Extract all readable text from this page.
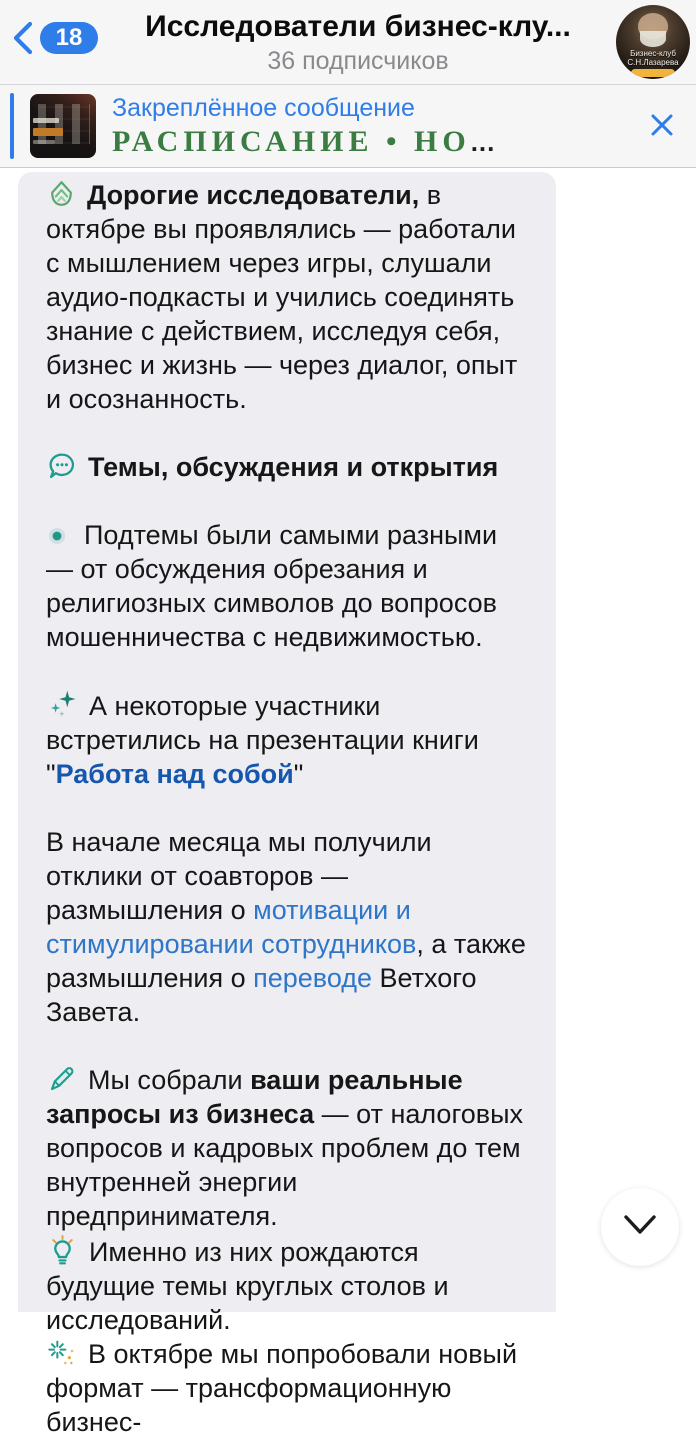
18	Исследователи бизнес-клу...
36 подписчиков	Бизнес-клуб
С.Н.Лазарева
Закреплённое сообщение
РАСПИСАНИЕ • НО...
Дорогие исследователи, в октябре вы проявлялись — работали с мышлением через игры, слушали аудио-подкасты и учились соединять знание с действием, исследуя себя, бизнес и жизнь — через диалог, опыт и осознанность.
Темы, обсуждения и открытия
Подтемы были самыми разными — от обсуждения обрезания и религиозных символов до вопросов мошенничества с недвижимостью.
А некоторые участники встретились на презентации книги "Работа над собой"
В начале месяца мы получили отклики от соавторов — размышления о мотивации и стимулировании сотрудников, а также размышления о переводе Ветхого Завета.
Мы собрали ваши реальные запросы из бизнеса — от налоговых вопросов и кадровых проблем до тем внутренней энергии предпринимателя.
Именно из них рождаются будущие темы круглых столов и исследований.
В октябре мы попробовали новый формат — трансформационную бизнес-
